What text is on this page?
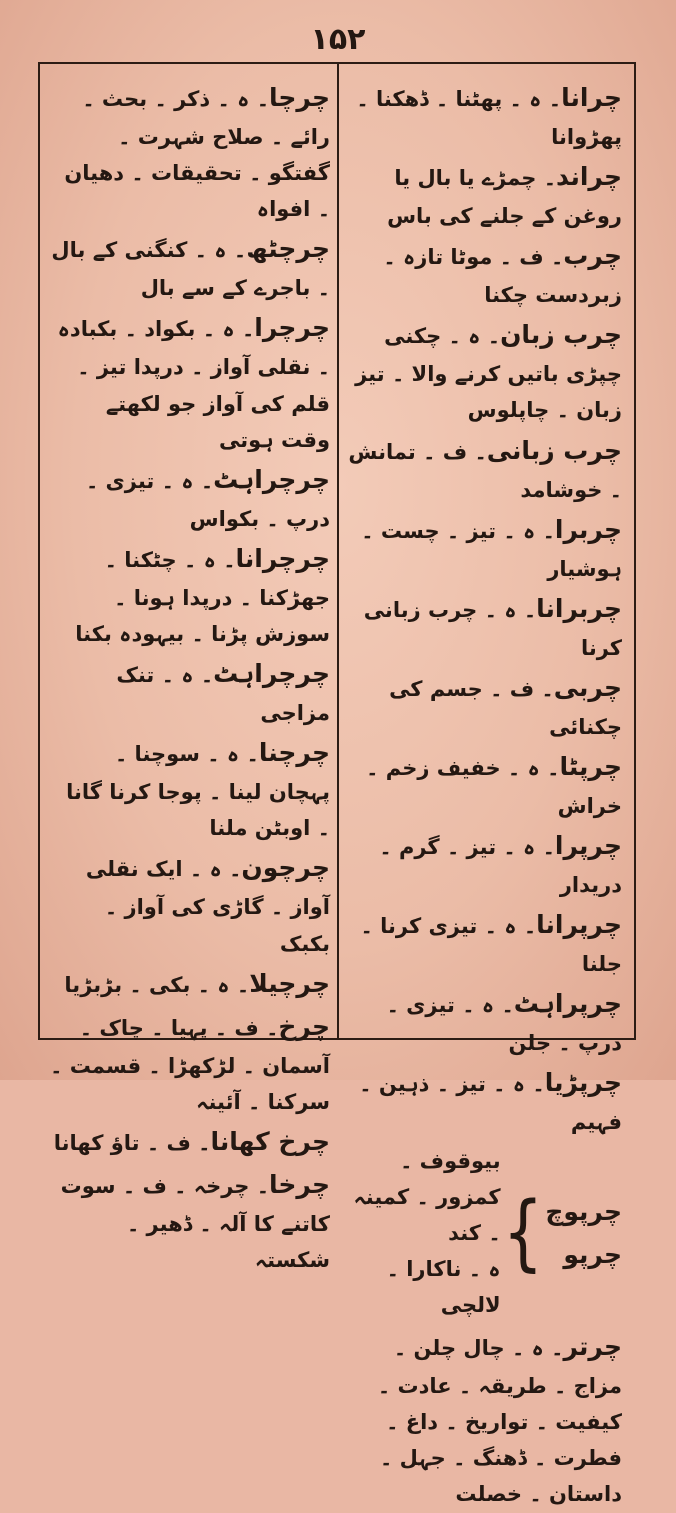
۱۵۲

چرانا۔ ہ ۔ پھٹنا ۔ ڈھکنا ۔ پھڑوانا

چراند۔ چمڑے یا بال یا روغن کے جلنے کی باس

چرب۔ ف ۔ موٹا تازہ ۔ زبردست چکنا

چرب زبان۔ ہ ۔ چکنی چپڑی باتیں کرنے والا ۔ تیز زبان ۔ چاپلوس

چرب زبانی۔ ف ۔ تمانش ۔ خوشامد

چربرا۔ ہ ۔ تیز ۔ چست ۔ ہوشیار

چربرانا۔ ہ ۔ چرب زبانی کرنا

چربی۔ ف ۔ جسم کی چکنائی

چرپٹا۔ ہ ۔ خفیف زخم ۔ خراش

چرپرا۔ ہ ۔ تیز ۔ گرم ۔ دریدار

چرپرانا۔ ہ ۔ تیزی کرنا ۔ جلنا

چرپراہٹ۔ ہ ۔ تیزی ۔ درپ ۔ جلن

چرپڑیا۔ ہ ۔ تیز ۔ ذہین ۔ فہیم

چرپوچ
چرپو
}
بیوقوف ۔ کمزور ۔ کمینہ ۔ کند
ہ ۔ ناکارا ۔ لالچی

چرتر۔ ہ ۔ چال چلن ۔ مزاج ۔ طریقہ ۔ عادت ۔ کیفیت ۔ تواریخ ۔ داغ ۔ فطرت ۔ ڈھنگ ۔ جہل ۔ داستان ۔ خصلت

چرچا۔ ہ ۔ ذکر ۔ بحث ۔ رائے ۔ صلاح شہرت ۔ گفتگو ۔ تحقیقات ۔ دھیان ۔ افواہ

چرچٹھ۔ ہ ۔ کنگنی کے بال ۔ باجرے کے سے بال

چرچرا۔ ہ ۔ بکواد ۔ بکبادہ ۔ نقلی آواز ۔ درپدا تیز ۔ قلم کی آواز جو لکھتے وقت ہوتی

چرچراہٹ۔ ہ ۔ تیزی ۔ درپ ۔ بکواس

چرچرانا۔ ہ ۔ چٹکنا ۔ جھڑکنا ۔ درپدا ہونا ۔ سوزش پڑنا ۔ بیہودہ بکنا

چرچراہٹ۔ ہ ۔ تنک مزاجی

چرچنا۔ ہ ۔ سوچنا ۔ پہچان لینا ۔ پوجا کرنا گانا ۔ اوبٹن ملنا

چرچون۔ ہ ۔ ایک نقلی آواز ۔ گاڑی کی آواز ۔ بکبک

چرچیلا۔ ہ ۔ بکی ۔ بڑبڑیا

چرخ۔ ف ۔ پہیا ۔ چاک ۔ آسمان ۔ لڑکھڑا ۔ قسمت ۔ سرکنا ۔ آئینہ

چرخ کھانا۔ ف ۔ تاؤ کھانا

چرخا۔ چرخہ ۔ ف ۔ سوت کاتنے کا آلہ ۔ ڈھیر ۔ شکستہ
